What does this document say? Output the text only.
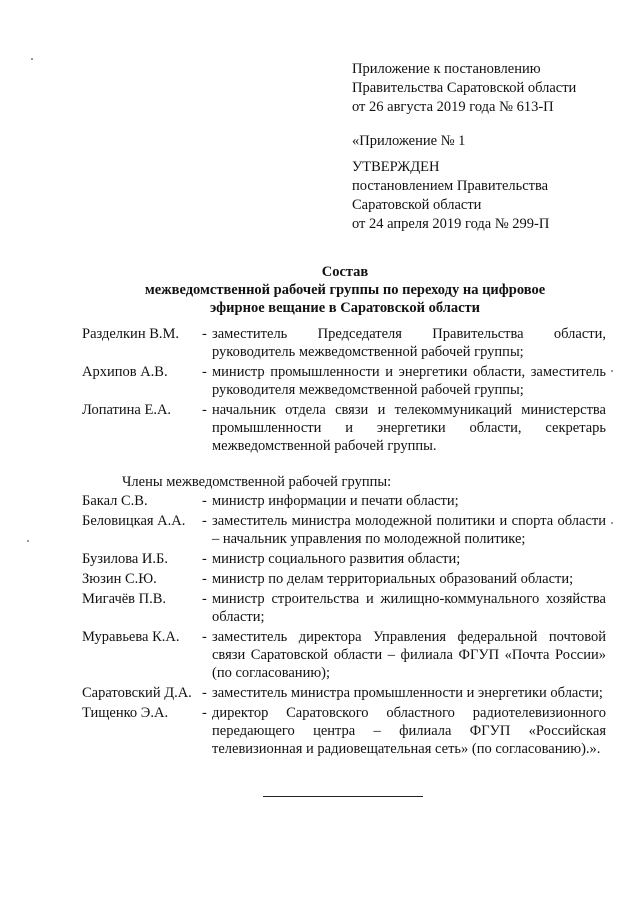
Приложение к постановлению
Правительства Саратовской области
от 26 августа 2019 года № 613-П
«Приложение № 1
УТВЕРЖДЕН
постановлением Правительства
Саратовской области
от 24 апреля 2019 года № 299-П
Состав
межведомственной рабочей группы по переходу на цифровое
эфирное вещание в Саратовской области
Разделкин В.М.	- заместитель Председателя Правительства области, руководитель межведомственной рабочей группы;
Архипов А.В.	- министр промышленности и энергетики области, заместитель руководителя межведомственной рабочей группы;
Лопатина Е.А.	- начальник отдела связи и телекоммуникаций министерства промышленности и энергетики области, секретарь межведомственной рабочей группы.
Члены межведомственной рабочей группы:
Бакал С.В.	- министр информации и печати области;
Беловицкая А.А.	- заместитель министра молодежной политики и спорта области – начальник управления по молодежной политике;
Бузилова И.Б.	- министр социального развития области;
Зюзин С.Ю.	- министр по делам территориальных образований области;
Мигачёв П.В.	- министр строительства и жилищно-коммунального хозяйства области;
Муравьева К.А.	- заместитель директора Управления федеральной почтовой связи Саратовской области – филиала ФГУП «Почта России» (по согласованию);
Саратовский Д.А. - заместитель министра промышленности и энергетики области;
Тищенко Э.А.	- директор Саратовского областного радиотелевизионного передающего центра – филиала ФГУП «Российская телевизионная и радиовещательная сеть» (по согласованию).».
